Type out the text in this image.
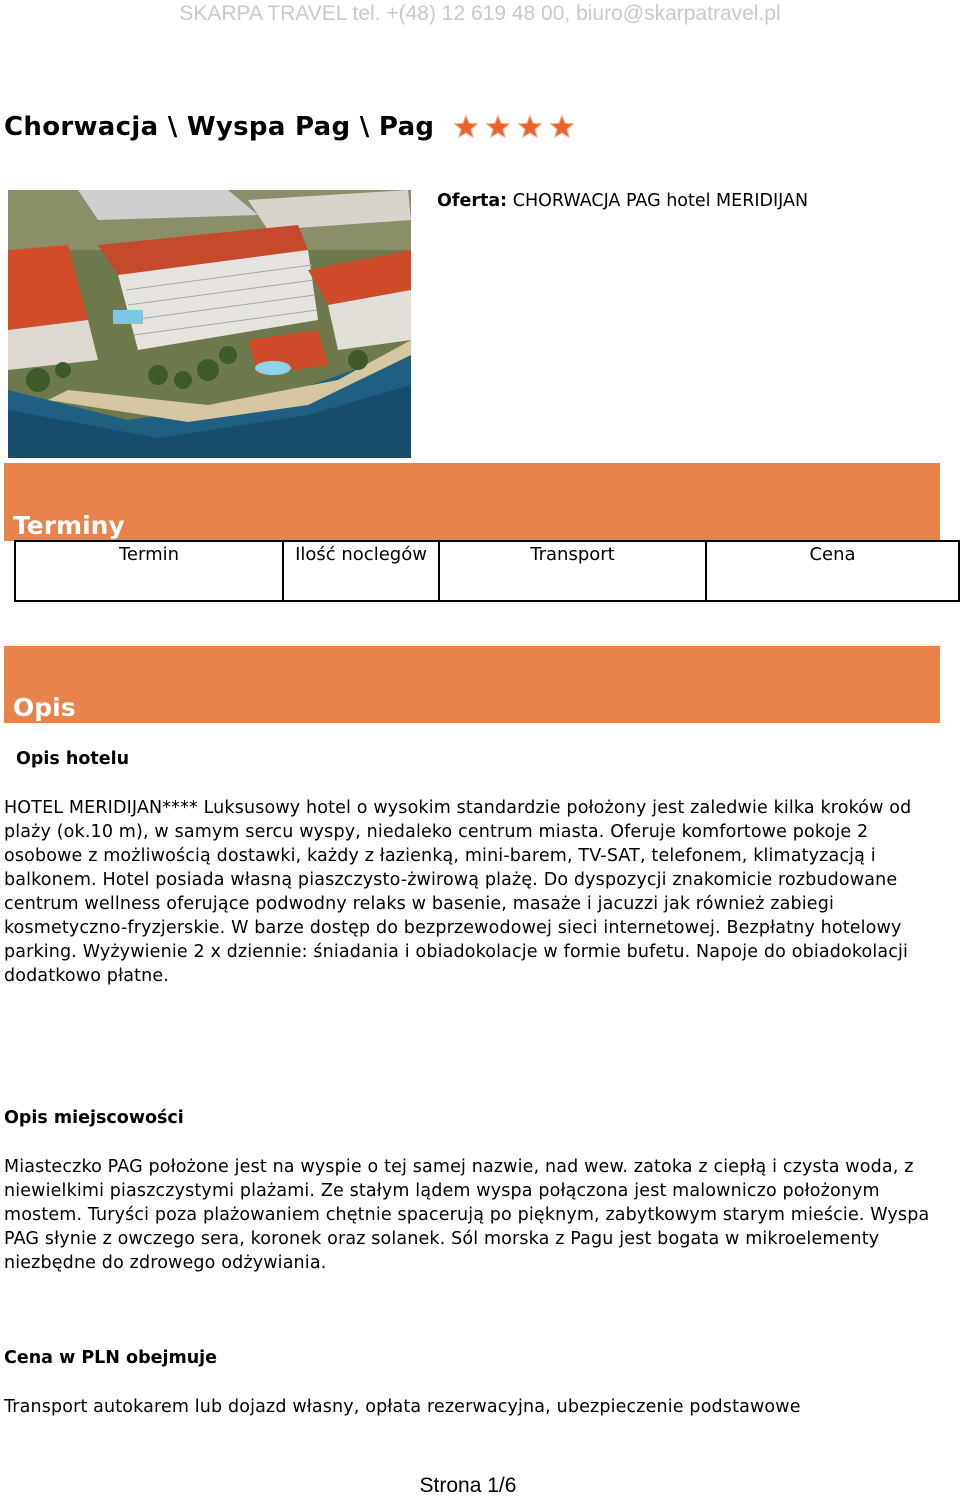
SKARPA TRAVEL tel. +(48) 12 619 48 00, biuro@skarpatravel.pl
Chorwacja \ Wyspa Pag \ Pag
Oferta: CHORWACJA PAG hotel MERIDIJAN
Terminy
Termin	Ilość noclegów	Transport	Cena
Opis
Opis hotelu

HOTEL MERIDIJAN**** Luksusowy hotel o wysokim standardzie położony jest zaledwie kilka kroków od plaży (ok.10 m), w samym sercu wyspy, niedaleko centrum miasta. Oferuje komfortowe pokoje 2 osobowe z możliwością dostawki, każdy z łazienką, mini-barem, TV-SAT, telefonem, klimatyzacją i balkonem. Hotel posiada własną piaszczysto-żwirową plażę. Do dyspozycji znakomicie rozbudowane centrum wellness oferujące podwodny relaks w basenie, masaże i jacuzzi jak również zabiegi kosmetyczno-fryzjerskie. W barze dostęp do bezprzewodowej sieci internetowej. Bezpłatny hotelowy parking. Wyżywienie 2 x dziennie: śniadania i obiadokolacje w formie bufetu. Napoje do obiadokolacji dodatkowo płatne.

Opis miejscowości

Miasteczko PAG położone jest na wyspie o tej samej nazwie, nad wew. zatoka z ciepłą i czysta woda, z niewielkimi piaszczystymi plażami. Ze stałym lądem wyspa połączona jest malowniczo położonym mostem. Turyści poza plażowaniem chętnie spacerują po pięknym, zabytkowym starym mieście. Wyspa PAG słynie z owczego sera, koronek oraz solanek. Sól morska z Pagu jest bogata w mikroelementy niezbędne do zdrowego odżywiania.

Cena w PLN obejmuje

Transport autokarem lub dojazd własny, opłata rezerwacyjna, ubezpieczenie podstawowe

Strona 1/6
